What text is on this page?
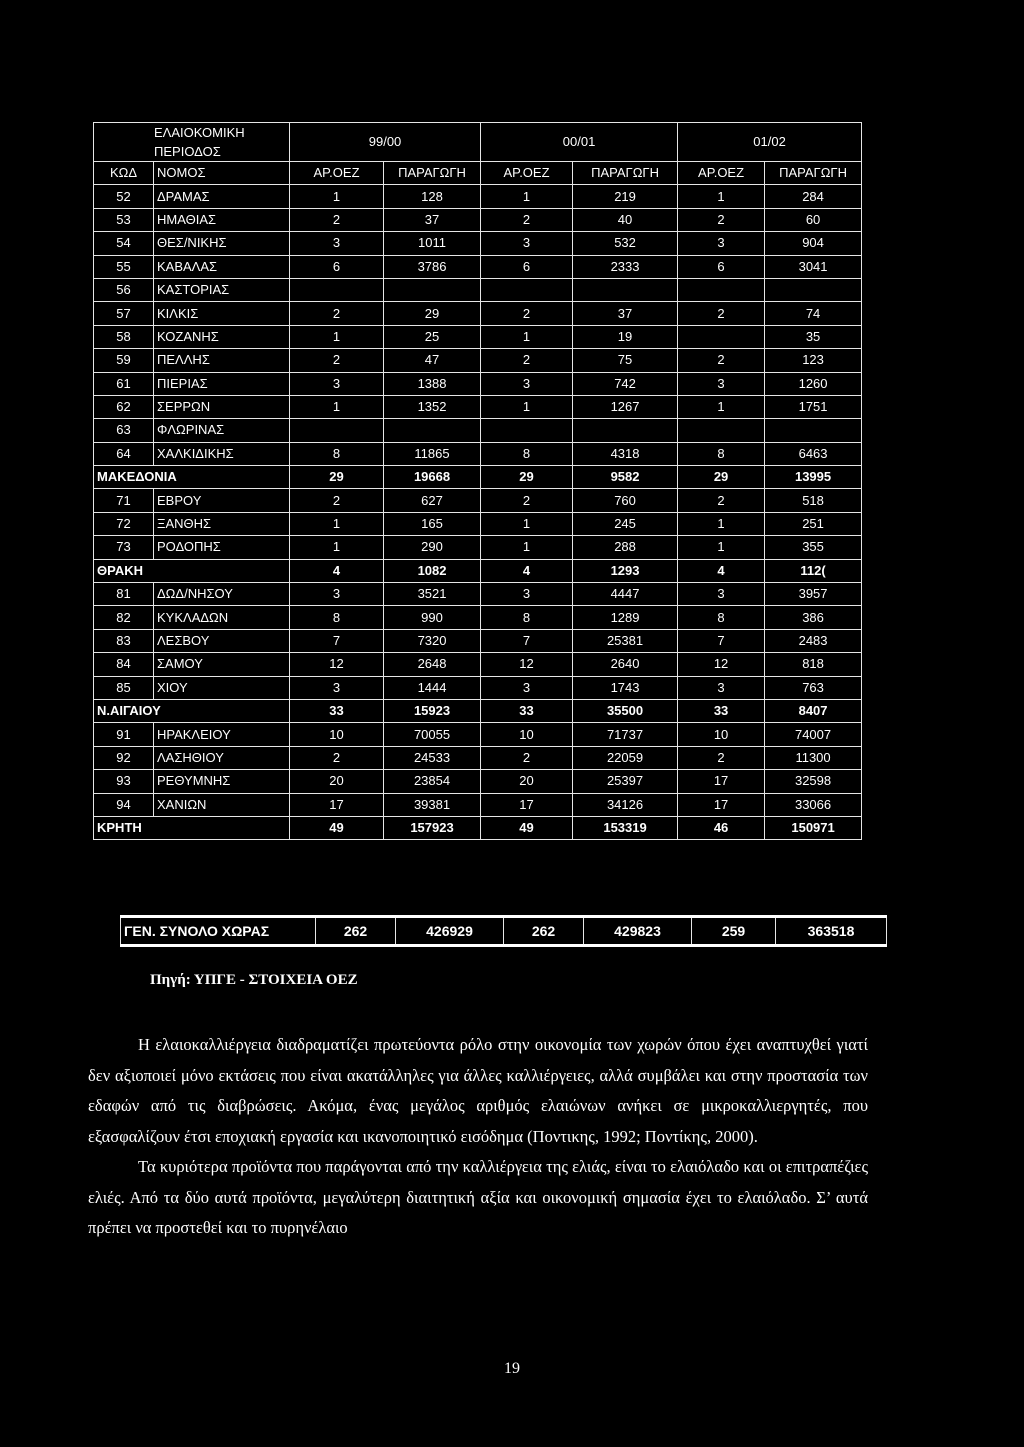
ΕΛΑΙΟΚΟΜΙΚΗ
ΠΕΡΙΟΔΟΣ		99/00		00/01		01/02	
ΚΩΔ	ΝΟΜΟΣ	ΑΡ.ΟΕΖ	ΠΑΡΑΓΩΓΗ	ΑΡ.ΟΕΖ	ΠΑΡΑΓΩΓΗ	ΑΡ.ΟΕΖ	ΠΑΡΑΓΩΓΗ
52	ΔΡΑΜΑΣ	1	128	1	219	1	284
53	ΗΜΑΘΙΑΣ	2	37	2	40	2	60
54	ΘΕΣ/ΝΙΚΗΣ	3	1011	3	532	3	904
55	ΚΑΒΑΛΑΣ	6	3786	6	2333	6	3041
56	ΚΑΣΤΟΡΙΑΣ						
57	ΚΙΛΚΙΣ	2	29	2	37	2	74
58	ΚΟΖΑΝΗΣ	1	25	1	19		35
59	ΠΕΛΛΗΣ	2	47	2	75	2	123
61	ΠΙΕΡΙΑΣ	3	1388	3	742	3	1260
62	ΣΕΡΡΩΝ	1	1352	1	1267	1	1751
63	ΦΛΩΡΙΝΑΣ						
64	ΧΑΛΚΙΔΙΚΗΣ	8	11865	8	4318	8	6463
ΜΑΚΕΔΟΝΙΑ		29	19668	29	9582	29	13995
71	ΕΒΡΟΥ	2	627	2	760	2	518
72	ΞΑΝΘΗΣ	1	165	1	245	1	251
73	ΡΟΔΟΠΗΣ	1	290	1	288	1	355
ΘΡΑΚΗ		4	1082	4	1293	4	112(
81	ΔΩΔ/ΝΗΣΟΥ	3	3521	3	4447	3	3957
82	ΚΥΚΛΑΔΩΝ	8	990	8	1289	8	386
83	ΛΕΣΒΟΥ	7	7320	7	25381	7	2483
84	ΣΑΜΟΥ	12	2648	12	2640	12	818
85	ΧΙΟΥ	3	1444	3	1743	3	763
Ν.ΑΙΓΑΙΟΥ		33	15923	33	35500	33	8407
91	ΗΡΑΚΛΕΙΟΥ	10	70055	10	71737	10	74007
92	ΛΑΣΗΘΙΟΥ	2	24533	2	22059	2	11300
93	ΡΕΘΥΜΝΗΣ	20	23854	20	25397	17	32598
94	ΧΑΝΙΩΝ	17	39381	17	34126	17	33066
ΚΡΗΤΗ		49	157923	49	153319	46	150971
ΓΕΝ. ΣΥΝΟΛΟ ΧΩΡΑΣ	262	426929	262	429823	259	363518
Πηγή: ΥΠΓΕ - ΣΤΟΙΧΕΙΑ ΟΕΖ

Η ελαιοκαλλιέργεια διαδραματίζει πρωτεύοντα ρόλο στην οικονομία των χωρών όπου έχει αναπτυχθεί γιατί δεν αξιοποιεί μόνο εκτάσεις που είναι ακατάλληλες για άλλες καλλιέργειες, αλλά συμβάλει και στην προστασία των εδαφών από τις διαβρώσεις. Ακόμα, ένας μεγάλος αριθμός ελαιώνων ανήκει σε μικροκαλλιεργητές, που εξασφαλίζουν έτσι εποχιακή εργασία και ικανοποιητικό εισόδημα (Ποντικης, 1992; Ποντίκης, 2000).

Τα κυριότερα προϊόντα που παράγονται από την καλλιέργεια της ελιάς, είναι το ελαιόλαδο και οι επιτραπέζιες ελιές. Από τα δύο αυτά προϊόντα, μεγαλύτερη διαιτητική αξία και οικονομική σημασία έχει το ελαιόλαδο. Σ’ αυτά πρέπει να προστεθεί και το πυρηνέλαιο

19
